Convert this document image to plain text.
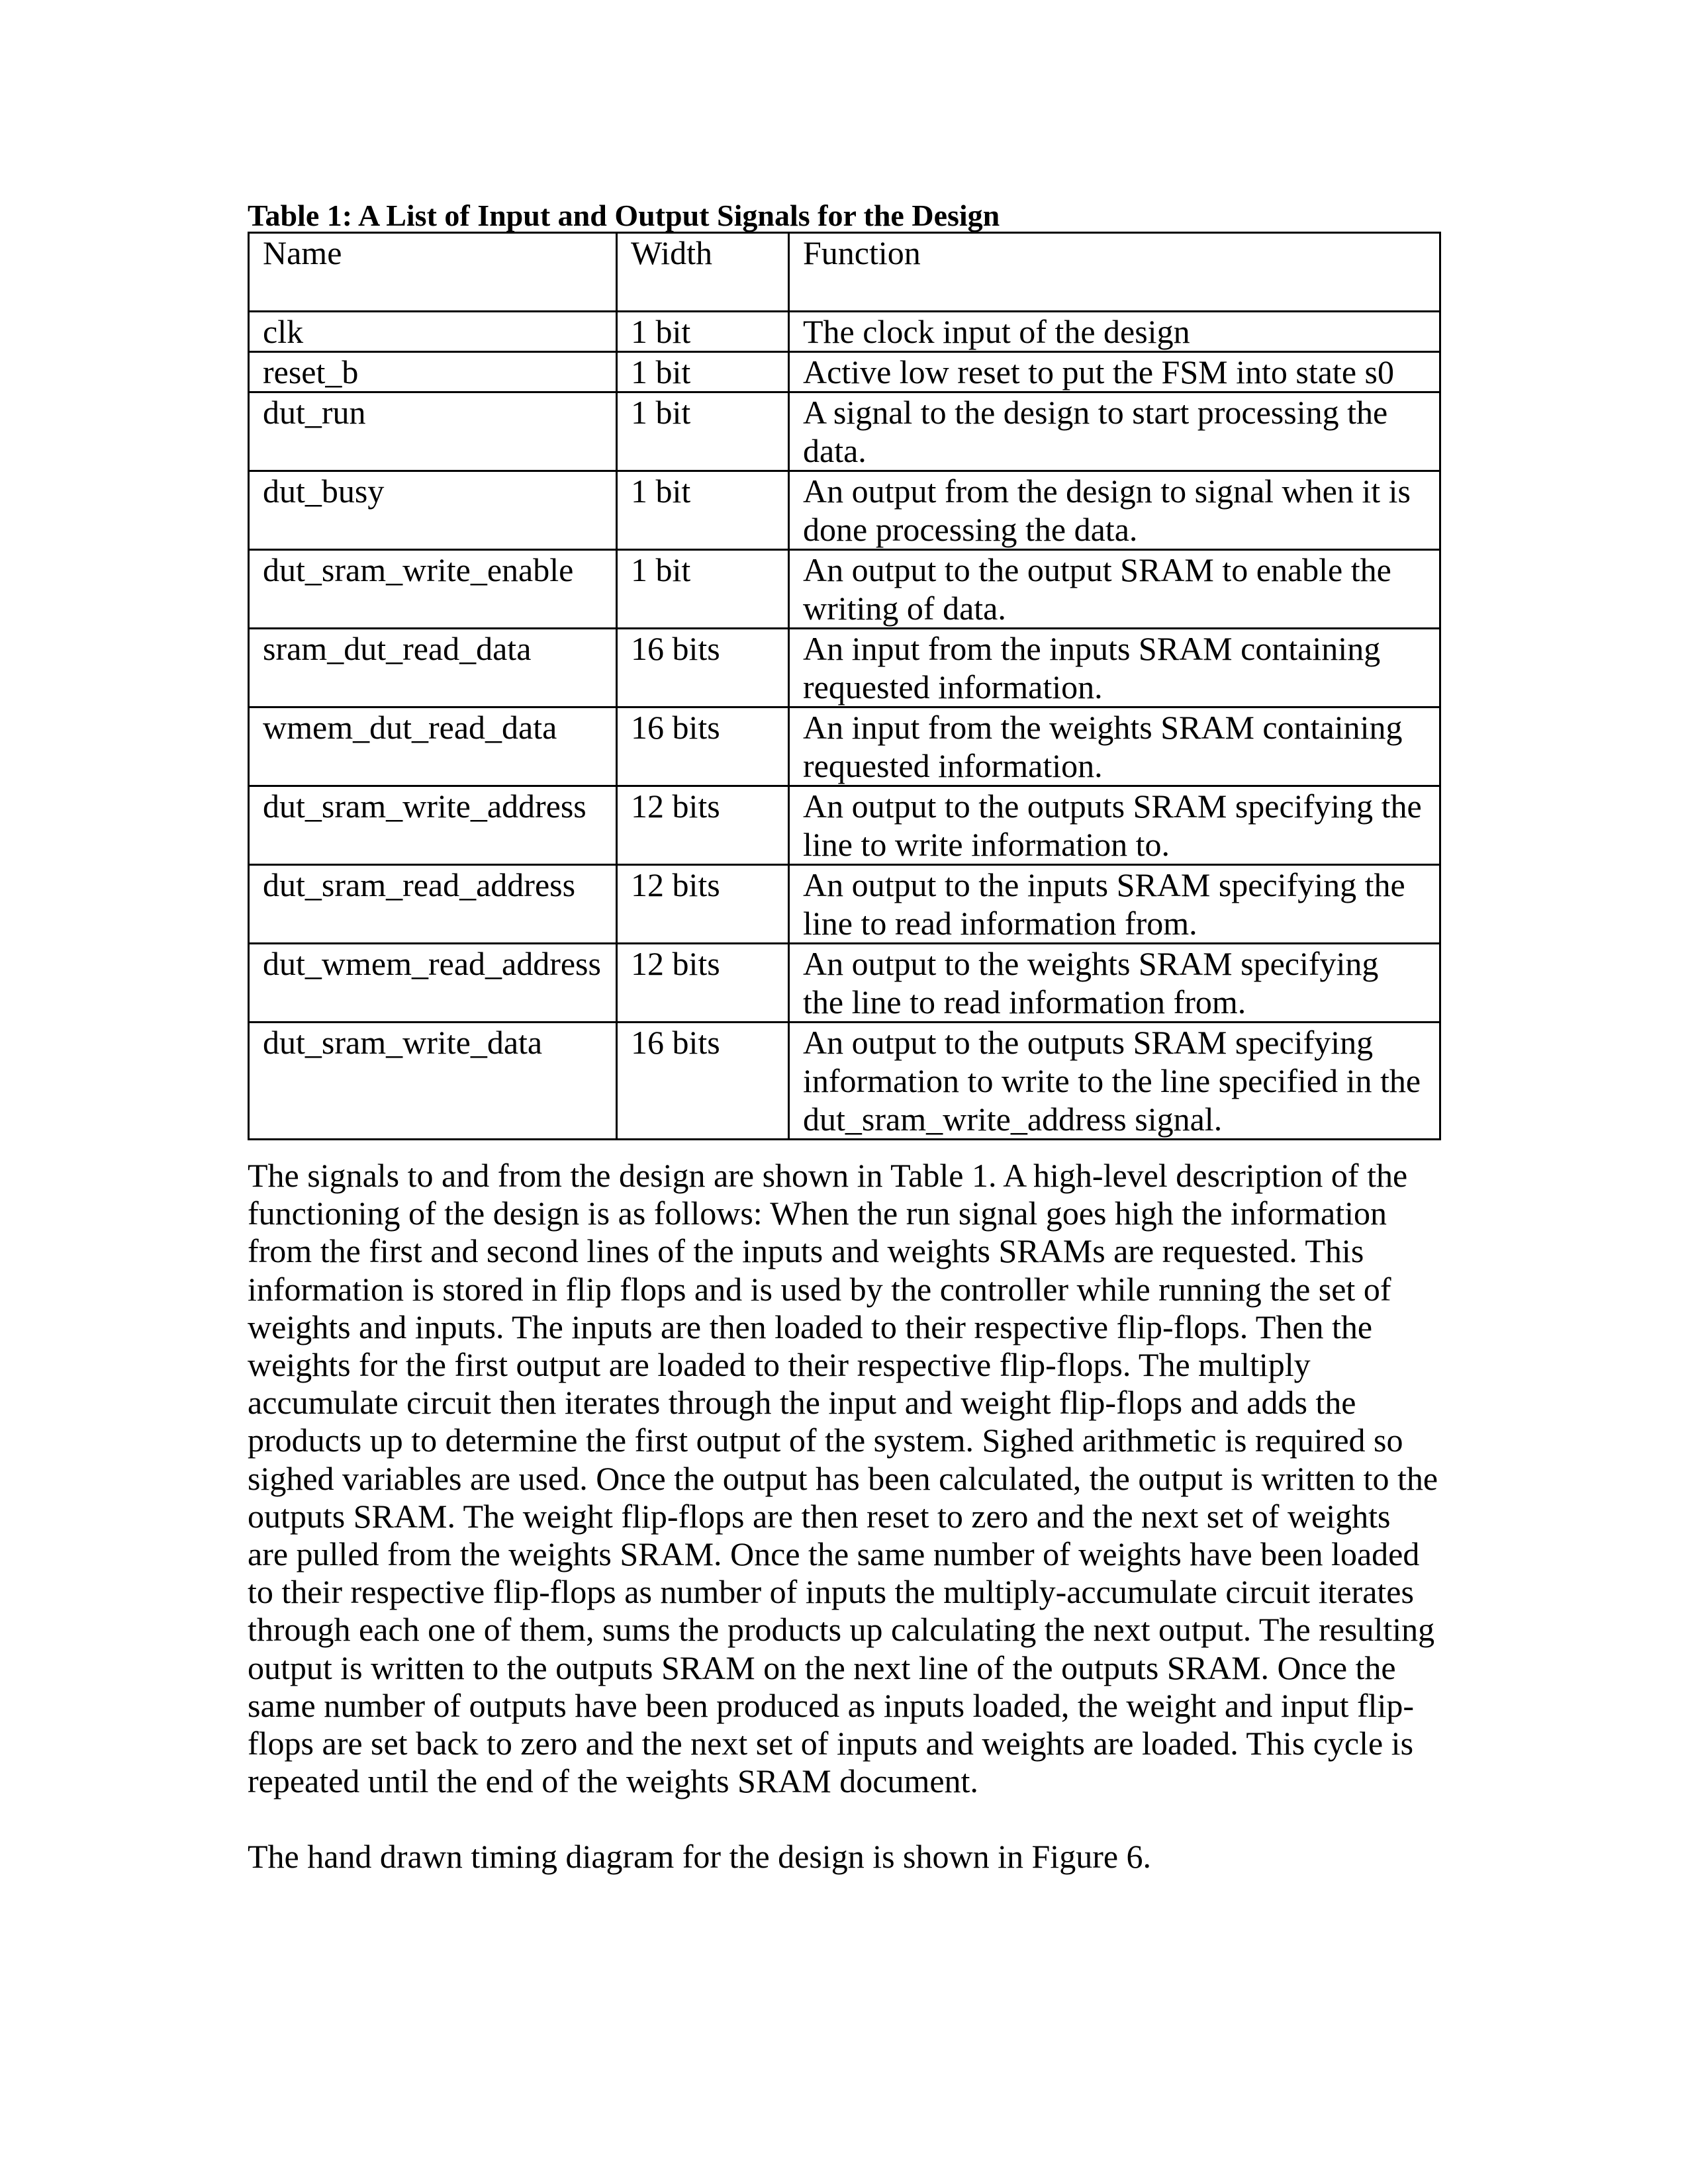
Table 1: A List of Input and Output Signals for the Design
Name	Width	Function
clk	1 bit	The clock input of the design
reset_b	1 bit	Active low reset to put the FSM into state s0
dut_run	1 bit	A signal to the design to start processing the data.
dut_busy	1 bit	An output from the design to signal when it is done processing the data.
dut_sram_write_enable	1 bit	An output to the output SRAM to enable the writing of data.
sram_dut_read_data	16 bits	An input from the inputs SRAM containing requested information.
wmem_dut_read_data	16 bits	An input from the weights SRAM containing requested information.
dut_sram_write_address	12 bits	An output to the outputs SRAM specifying the line to write information to.
dut_sram_read_address	12 bits	An output to the inputs SRAM specifying the line to read information from.
dut_wmem_read_address	12 bits	An output to the weights SRAM specifying the line to read information from.
dut_sram_write_data	16 bits	An output to the outputs SRAM specifying information to write to the line specified in the dut_sram_write_address signal.

The signals to and from the design are shown in Table 1. A high-level description of the functioning of the design is as follows: When the run signal goes high the information from the first and second lines of the inputs and weights SRAMs are requested. This information is stored in flip flops and is used by the controller while running the set of weights and inputs. The inputs are then loaded to their respective flip-flops. Then the weights for the first output are loaded to their respective flip-flops. The multiply accumulate circuit then iterates through the input and weight flip-flops and adds the products up to determine the first output of the system. Sighed arithmetic is required so sighed variables are used. Once the output has been calculated, the output is written to the outputs SRAM. The weight flip-flops are then reset to zero and the next set of weights are pulled from the weights SRAM. Once the same number of weights have been loaded to their respective flip-flops as number of inputs the multiply-accumulate circuit iterates through each one of them, sums the products up calculating the next output. The resulting output is written to the outputs SRAM on the next line of the outputs SRAM. Once the same number of outputs have been produced as inputs loaded, the weight and input flip-flops are set back to zero and the next set of inputs and weights are loaded. This cycle is repeated until the end of the weights SRAM document.

The hand drawn timing diagram for the design is shown in Figure 6.
